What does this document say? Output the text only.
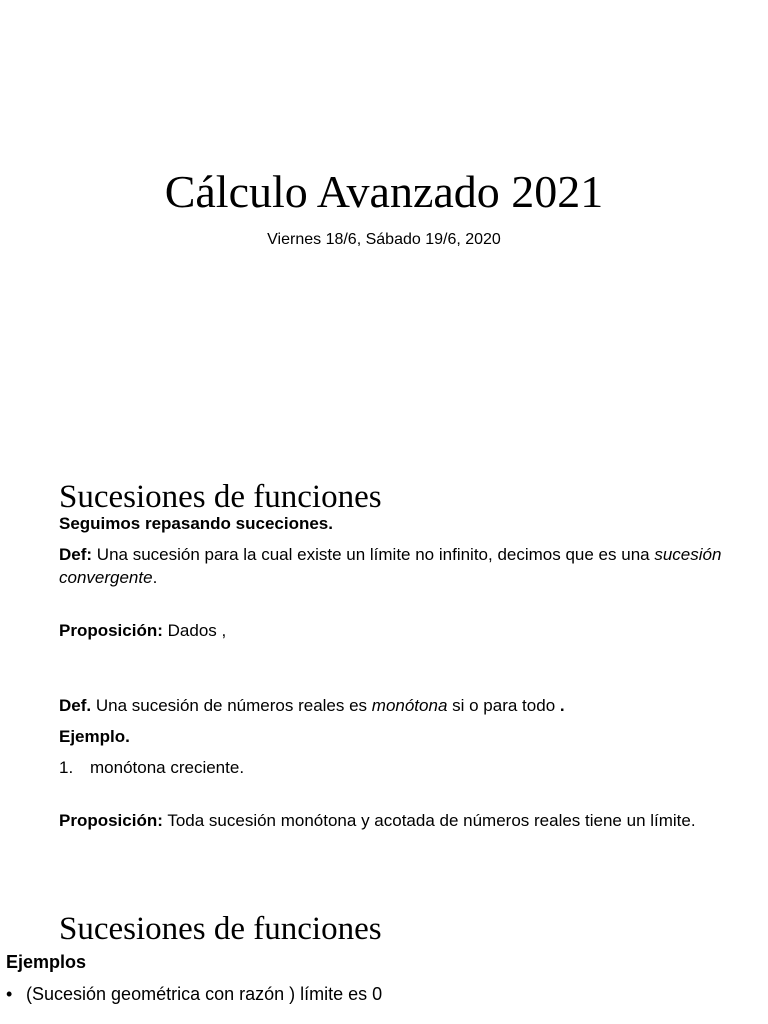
Cálculo Avanzado 2021
Viernes 18/6, Sábado 19/6, 2020
Sucesiones de funciones

Seguimos repasando suceciones.

Def: Una sucesión para la cual existe un límite no infinito, decimos que es una sucesión convergente.

Proposición: Dados ,

Def. Una sucesión de números reales es monótona si o para todo .

Ejemplo.

1. monótona creciente.

Proposición: Toda sucesión monótona y acotada de números reales tiene un límite.

Sucesiones de funciones

Ejemplos

• (Sucesión geométrica con razón ) límite es 0
